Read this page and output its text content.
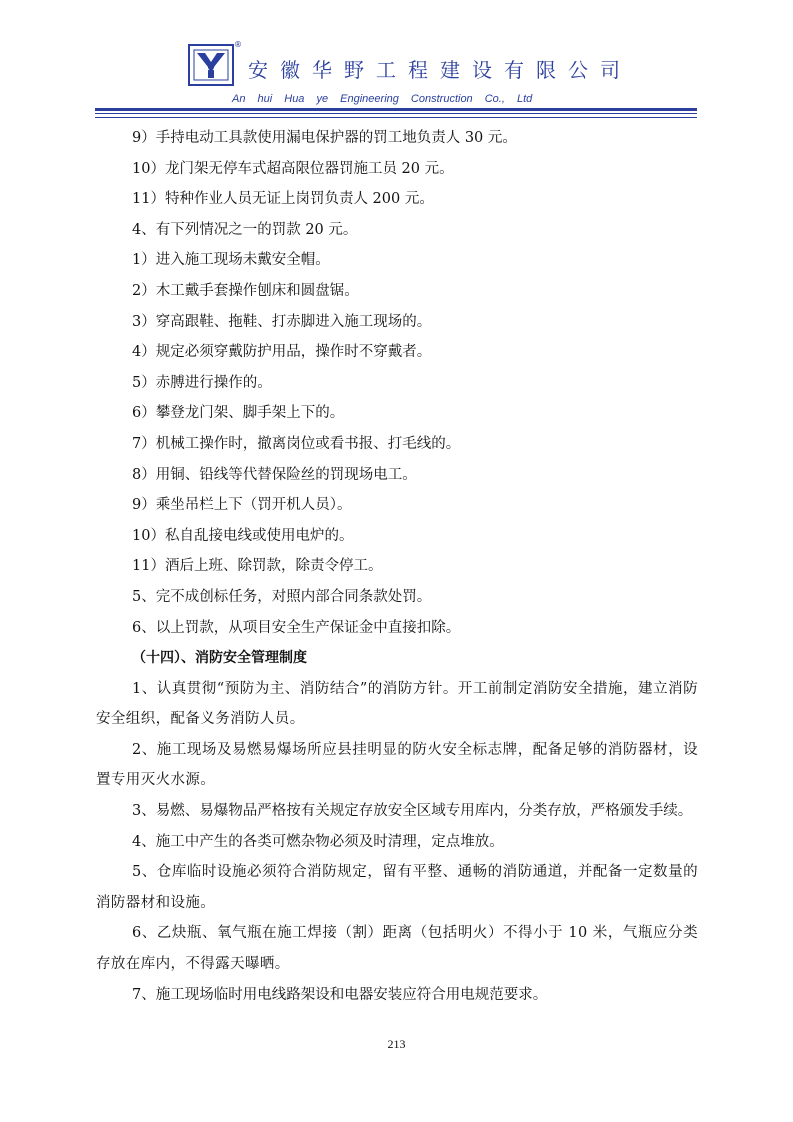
®
安徽华野工程建设有限公司
An hui Hua ye Engineering Construction Co., Ltd

9）手持电动工具款使用漏电保护器的罚工地负责人 30 元。

10）龙门架无停车式超高限位器罚施工员 20 元。

11）特种作业人员无证上岗罚负责人 200 元。

4、有下列情况之一的罚款 20 元。

1）进入施工现场未戴安全帽。

2）木工戴手套操作刨床和圆盘锯。

3）穿高跟鞋、拖鞋、打赤脚进入施工现场的。

4）规定必须穿戴防护用品，操作时不穿戴者。

5）赤膊进行操作的。

6）攀登龙门架、脚手架上下的。

7）机械工操作时，撤离岗位或看书报、打毛线的。

8）用铜、铅线等代替保险丝的罚现场电工。

9）乘坐吊栏上下（罚开机人员）。

10）私自乱接电线或使用电炉的。

11）酒后上班、除罚款，除责令停工。

5、完不成创标任务，对照内部合同条款处罚。

6、以上罚款，从项目安全生产保证金中直接扣除。

（十四）、消防安全管理制度

1、认真贯彻“预防为主、消防结合”的消防方针。开工前制定消防安全措施，建立消防安全组织，配备义务消防人员。

2、施工现场及易燃易爆场所应县挂明显的防火安全标志牌，配备足够的消防器材，设置专用灭火水源。

3、易燃、易爆物品严格按有关规定存放安全区域专用库内，分类存放，严格颁发手续。

4、施工中产生的各类可燃杂物必须及时清理，定点堆放。

5、仓库临时设施必须符合消防规定，留有平整、通畅的消防通道，并配备一定数量的消防器材和设施。

6、乙炔瓶、氧气瓶在施工焊接（割）距离（包括明火）不得小于 10 米，气瓶应分类存放在库内，不得露天曝晒。

7、施工现场临时用电线路架设和电器安装应符合用电规范要求。

213
